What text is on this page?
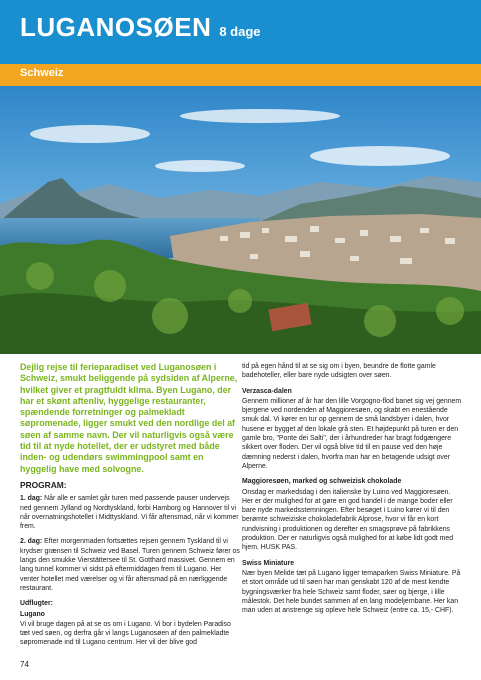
LUGANOSØEN 8 dage
Schweiz

Dejlig rejse til ferieparadiset ved Luganosøen i Schweiz, smukt beliggende på sydsiden af Alperne, hvilket giver et pragtfuldt klima. Byen Lugano, der har et skønt aftenliv, hyggelige restauranter, spændende forretninger og palmekladt søpromenade, ligger smukt ved den nordlige del af søen af samme navn. Der vil naturligvis også være tid til at nyde hotellet, der er udstyret med både inden- og udendørs swimmingpool samt en hyggelig have med solvogne.

PROGRAM:

1. dag: Når alle er samlet går turen med passende pauser undervejs ned gennem Jylland og Nordtyskland, forbi Hamborg og Hannover til vi når overnatningshotellet i Midttyskland. Vi får aftensmad, når vi kommer frem.

2. dag: Efter morgenmaden fortsættes rejsen gennem Tyskland til vi krydser grænsen til Schweiz ved Basel. Turen gennem Schweiz fører os langs den smukke Vierstättersee til St. Gotthard massivet. Gennem en lang tunnel kommer vi sidst på eftermiddagen frem til Lugano. Her venter hotellet med værelser og vi får aftensmad på en nærliggende restaurant.

Udflugter:
Lugano

Vi vil bruge dagen på at se os om i Lugano. Vi bor i bydelen Paradiso tæt ved søen, og derfra går vi langs Luganosøen af den palmekladte søpromenade ind til Lugano centrum. Her vil der blive god

tid på egen hånd til at se sig om i byen, beundre de flotte gamle badehoteller, eller bare nyde udsigten over søen.

Verzasca-dalen

Gennem millioner af år har den lille Vorgogno-flod banet sig vej gennem bjergene ved nordenden af Maggioresøen, og skabt en enestående smuk dal. Vi kører en tur op gennem de små landsbyer i dalen, hvor husene er bygget af den lokale grå sten. Et højdepunkt på turen er den gamle bro, "Ponte dei Salti", der i århundreder har bragt fodgængere sikkert over floden. Der vil også blive tid til en pause ved den høje dæmning nederst i dalen, hvorfra man har en betagende udsigt over Alperne.

Maggioresøen, marked og schweizisk chokolade

Onsdag er markedsdag i den italienske by Luino ved Maggioresøen. Her er der mulighed for at gøre en god handel i de mange boder eller bare nyde markedsstemningen. Efter besøget i Luino kører vi til den berømte schweiziske chokoladefabrik Alprose, hvor vi får en kort rundvisning i produktionen og derefter en smagsprøve på fabrikkens produktion. Der er naturligvis også mulighed for at købe lidt godt med hjem. HUSK PAS.

Swiss Miniature

Nær byen Melide tæt på Lugano ligger temaparken Swiss Miniature. På et stort område ud til søen har man genskabt 120 af de mest kendte bygningsværker fra hele Schweiz samt floder, søer og bjerge, i lille målestok. Det hele bundet sammen af en lang modeljernbane. Her kan man uden at anstrenge sig opleve hele Schweiz (entre ca. 15,- CHF).

74
